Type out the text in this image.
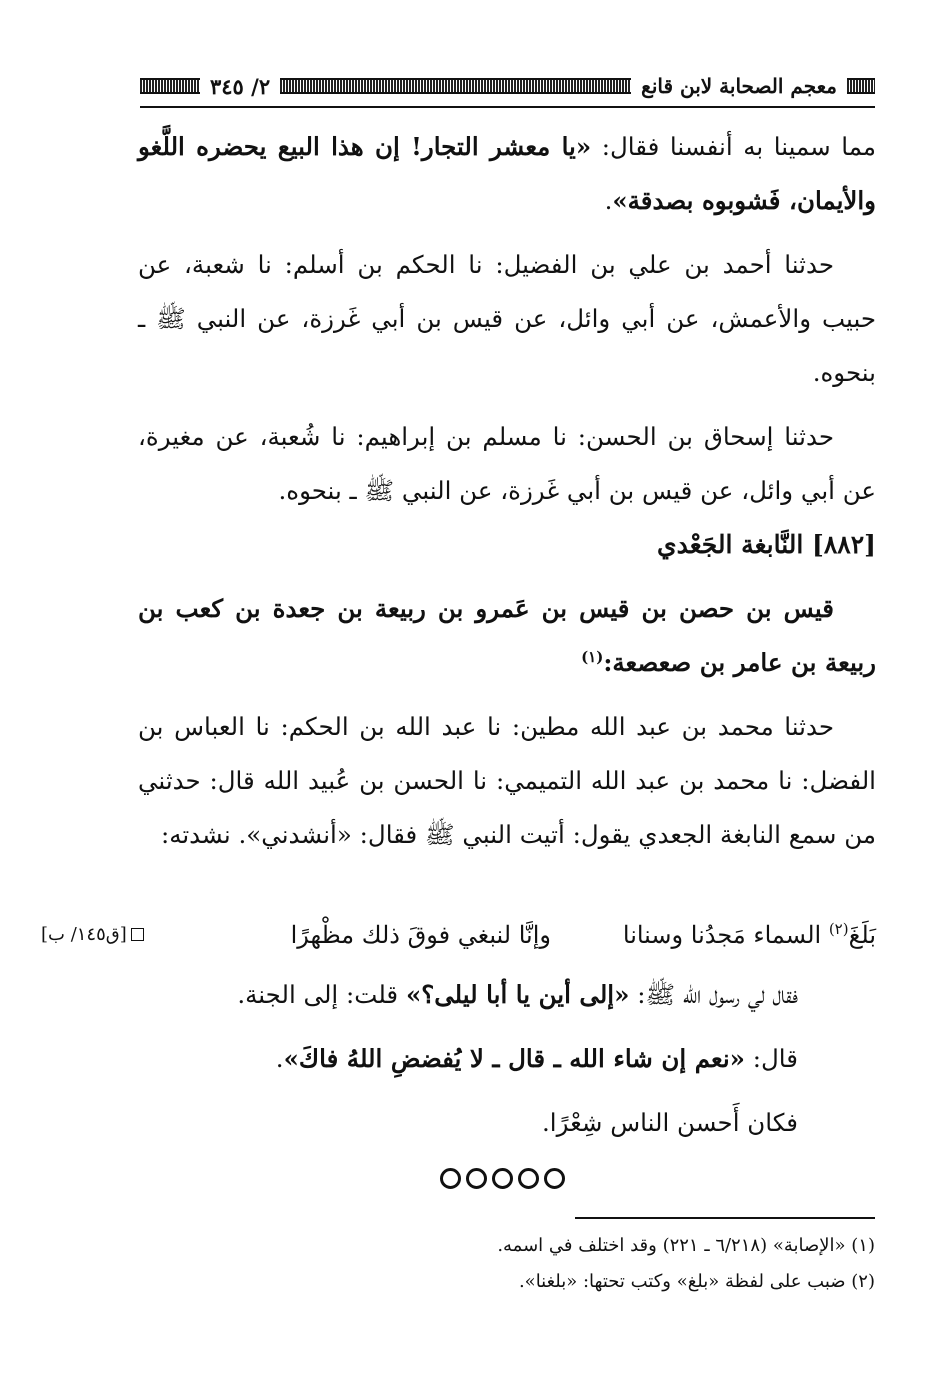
معجم الصحابة لابن قانع
٢/ ٣٤٥

مما سمينا به أنفسنا فقال: «يا معشر التجار! إن هذا البيع يحضره اللَّغو والأيمان، فَشوبوه بصدقة».

حدثنا أحمد بن علي بن الفضيل: نا الحكم بن أسلم: نا شعبة، عن حبيب والأعمش، عن أبي وائل، عن قيس بن أبي غَرزة، عن النبي ﷺ ـ بنحوه.

حدثنا إسحاق بن الحسن: نا مسلم بن إبراهيم: نا شُعبة، عن مغيرة، عن أبي وائل، عن قيس بن أبي غَرزة، عن النبي ﷺ ـ بنحوه.

[٨٨٢] النَّابغة الجَعْدي

قيس بن حصن بن قيس بن عَمرو بن ربيعة بن جعدة بن كعب بن ربيعة بن عامر بن صعصعة:$^{(١)}$

حدثنا محمد بن عبد الله مطين: نا عبد الله بن الحكم: نا العباس بن الفضل: نا محمد بن عبد الله التميمي: نا الحسن بن عُبيد الله قال: حدثني من سمع النابغة الجعدي يقول: أتيت النبي ﷺ فقال: «أنشدني». نشدته:

بَلَغَ$^{(٢)}$ السماء مَجدُنا وسنانا
وإنَّا لنبغي فوقَ ذلك مظْهرًا
[ق١٤٥/ ب]

فقال لي رسول الله ﷺ: «إلى أين يا أبا ليلى؟» قلت: إلى الجنة.

قال: «نعم إن شاء الله ـ قال ـ لا يُفضضِ اللهُ فاكَ».

فكان أَحسن الناس شِعْرًا.

(١) «الإصابة» (٦/٢١٨ ـ ٢٢١) وقد اختلف في اسمه.

(٢) ضبب على لفظة «بلغ» وكتب تحتها: «بلغنا».
